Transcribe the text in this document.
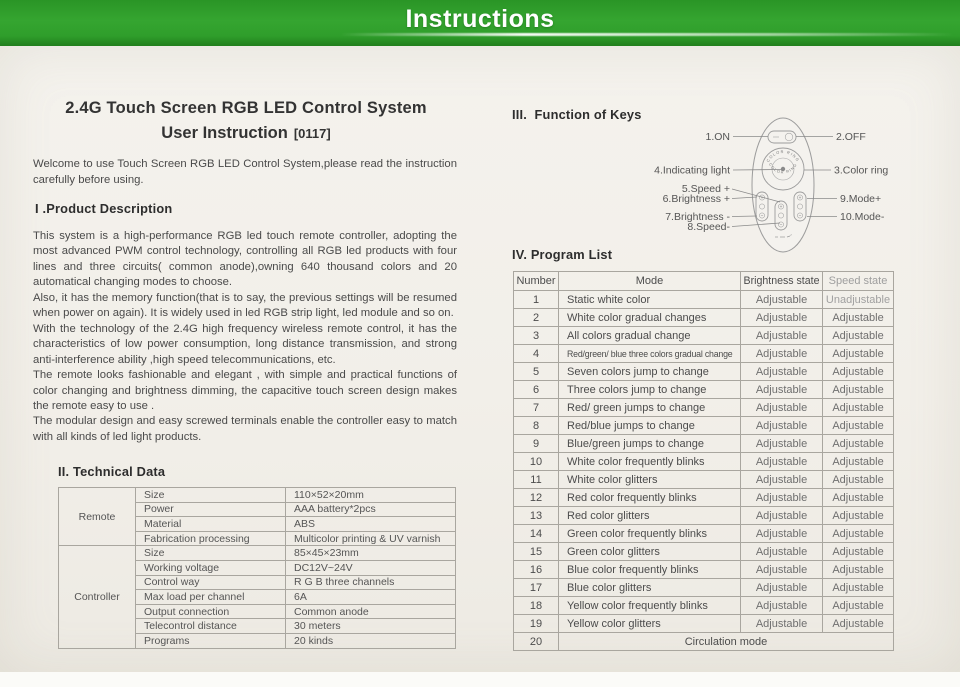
Instructions
2.4G Touch Screen RGB LED Control System
User Instruction [0117]
Welcome to use Touch Screen RGB LED Control System,please read the instruction carefully before using.
I .Product Description

This system is a high-performance RGB led touch remote controller, adopting the most advanced PWM control technology, controlling all RGB led products with four lines and three circuits( common anode),owning 640 thousand colors and 20 automatical changing modes to choose.

Also, it has the memory function(that is to say, the previous settings will be resumed when power on again). It is widely used in led RGB strip light, led module and so on.

With the technology of the 2.4G high frequency wireless remote control, it has the characteristics of low power consumption, long distance transmission, and strong anti-interference ability ,high speed telecommunications, etc.

The remote looks fashionable and elegant , with simple and practical functions of color changing and brightness dimming, the capacitive touch screen design makes the remote easy to use .

The modular design and easy screwed terminals enable the controller easy to match with all kinds of led light products.

II. Technical Data
Remote	Size	110×52×20mm
	Power	AAA battery*2pcs
	Material	ABS
	Fabrication processing	Multicolor printing & UV varnish
Controller	Size	85×45×23mm
	Working voltage	DC12V~24V
	Control way	R G B three channels
	Max load per channel	6A
	Output connection	Common anode
	Telecontrol distance	30 meters
	Programs	20 kinds
III.  Function of Keys
COLOR RING
COLOR RING
1.ON	2.OFF
4.Indicating light	3.Color ring
5.Speed +
6.Brightness +
7.Brightness -
8.Speed-
9.Mode+
10.Mode-
IV. Program List
Number	Mode	Brightness state	Speed state
1	Static white color	Adjustable	Unadjustable
2	White color gradual changes	Adjustable	Adjustable
3	All colors gradual change	Adjustable	Adjustable
4	Red/green/ blue three colors gradual change	Adjustable	Adjustable
5	Seven colors jump to change	Adjustable	Adjustable
6	Three colors jump to change	Adjustable	Adjustable
7	Red/ green jumps to change	Adjustable	Adjustable
8	Red/blue jumps to change	Adjustable	Adjustable
9	Blue/green jumps to change	Adjustable	Adjustable
10	White color frequently blinks	Adjustable	Adjustable
11	White color glitters	Adjustable	Adjustable
12	Red color frequently blinks	Adjustable	Adjustable
13	Red color glitters	Adjustable	Adjustable
14	Green color frequently blinks	Adjustable	Adjustable
15	Green color glitters	Adjustable	Adjustable
16	Blue color frequently blinks	Adjustable	Adjustable
17	Blue color glitters	Adjustable	Adjustable
18	Yellow color frequently blinks	Adjustable	Adjustable
19	Yellow color glitters	Adjustable	Adjustable
20	Circulation mode		
